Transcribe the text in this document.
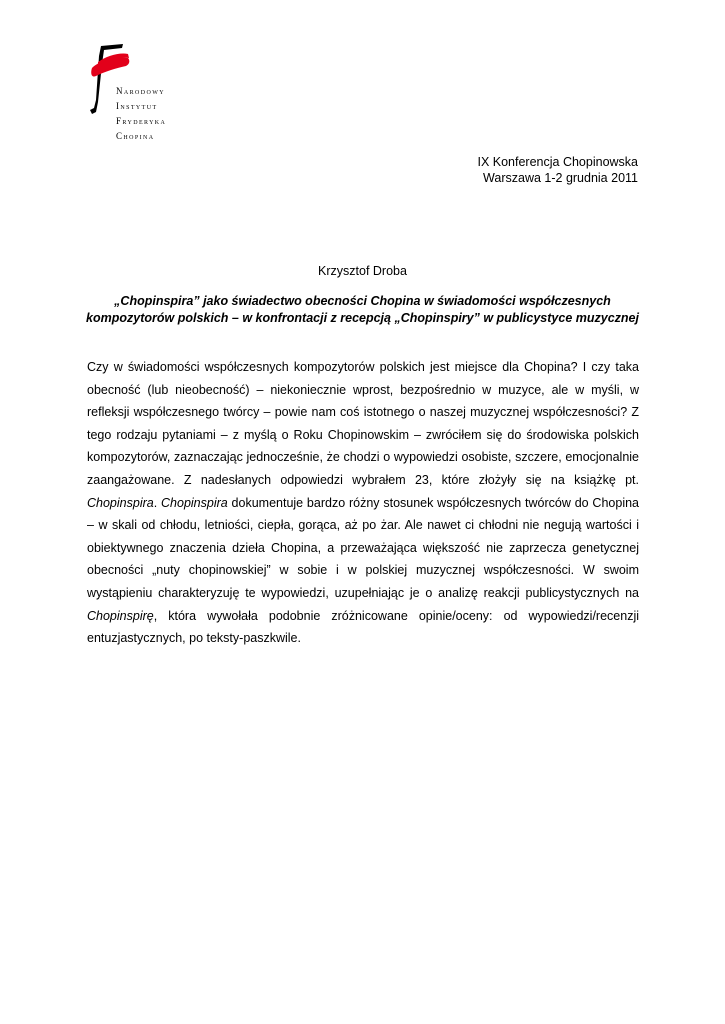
Narodowy
Instytut
Fryderyka
Chopina
IX Konferencja Chopinowska
Warszawa 1-2 grudnia 2011
Krzysztof Droba
„Chopinspira” jako świadectwo obecności Chopina w świadomości współczesnych
kompozytorów polskich – w konfrontacji z recepcją „Chopinspiry” w publicystyce muzycznej
Czy w świadomości współczesnych kompozytorów polskich jest miejsce dla Chopina? I czy taka obecność (lub nieobecność) – niekoniecznie wprost, bezpośrednio w muzyce, ale w myśli, w refleksji współczesnego twórcy – powie nam coś istotnego o naszej muzycznej współczesności? Z tego rodzaju pytaniami – z myślą o Roku Chopinowskim – zwróciłem się do środowiska polskich kompozytorów, zaznaczając jednocześnie, że chodzi o wypowiedzi osobiste, szczere, emocjonalnie zaangażowane. Z nadesłanych odpowiedzi wybrałem 23, które złożyły się na książkę pt. Chopinspira. Chopinspira dokumentuje bardzo różny stosunek współczesnych twórców do Chopina – w skali od chłodu, letniości, ciepła, gorąca, aż po żar. Ale nawet ci chłodni nie negują wartości i obiektywnego znaczenia dzieła Chopina, a przeważająca większość nie zaprzecza genetycznej obecności „nuty chopinowskiej” w sobie i w polskiej muzycznej współczesności. W swoim wystąpieniu charakteryzuję te wypowiedzi, uzupełniając je o analizę reakcji publicystycznych na Chopinspirę, która wywołała podobnie zróżnicowane opinie/oceny: od wypowiedzi/recenzji entuzjastycznych, po teksty-paszkwile.
